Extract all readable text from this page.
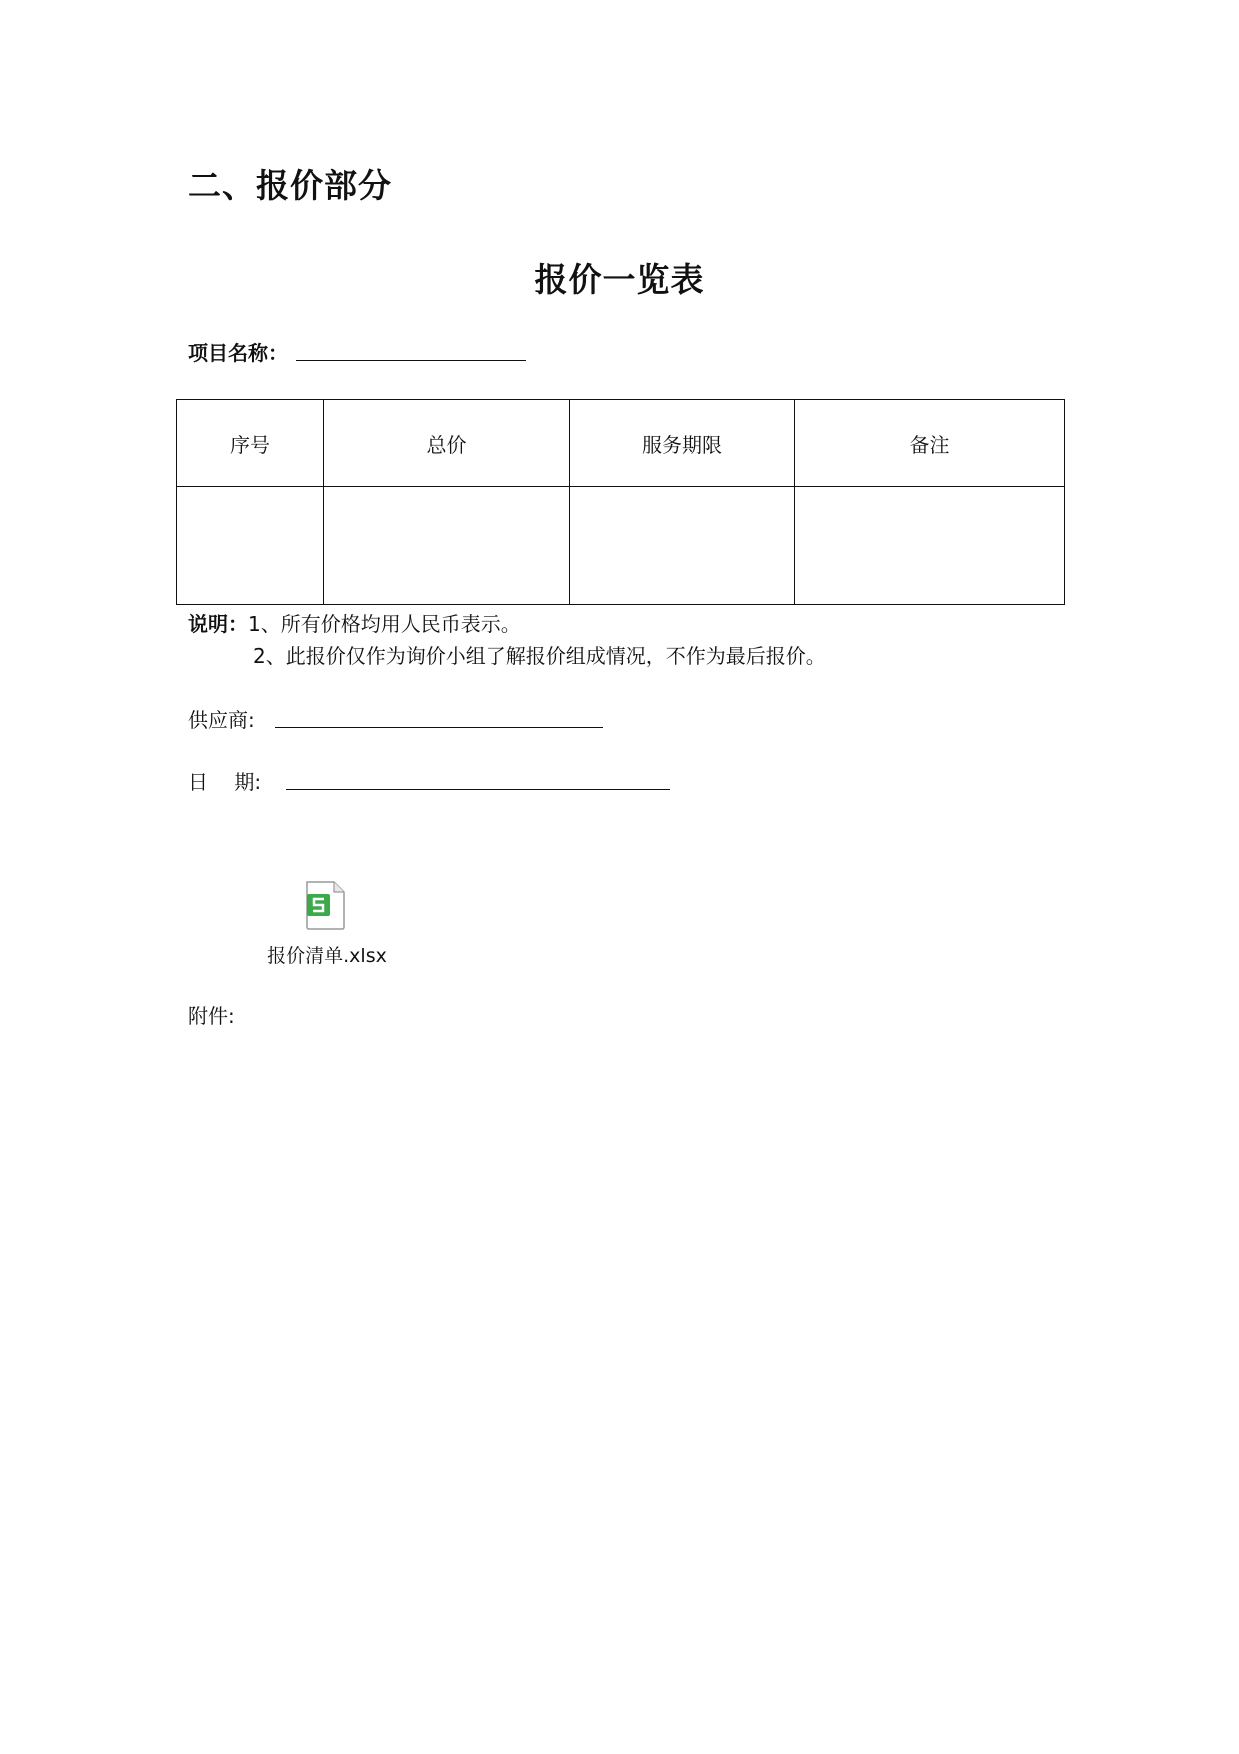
二、报价部分
报价一览表
项目名称：
序号	总价	服务期限	备注

说明：1、所有价格均用人民币表示。
2、此报价仅作为询价小组了解报价组成情况，不作为最后报价。
供应商:
日　 期:
报价清单.xlsx
附件:
